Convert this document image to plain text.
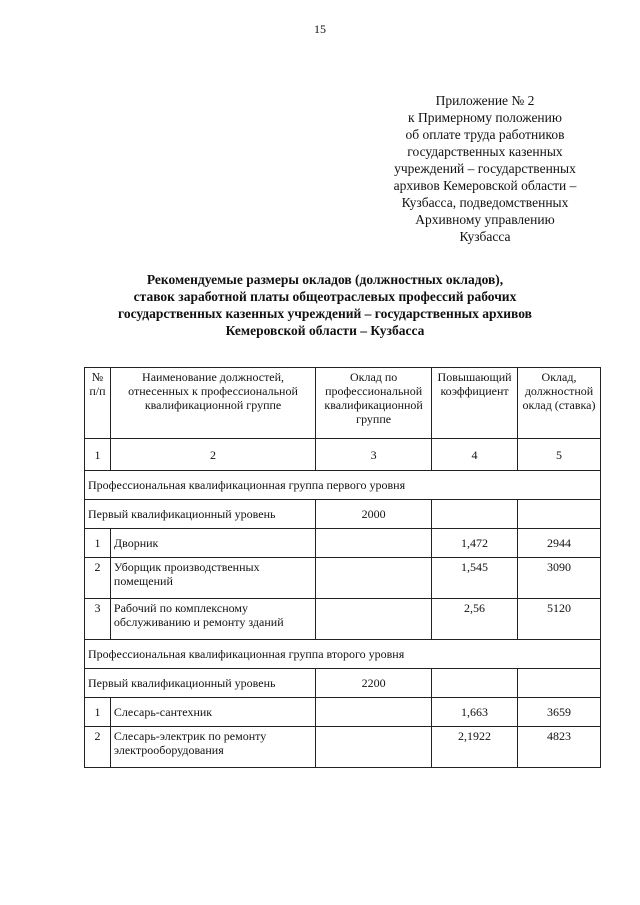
15
Приложение № 2
к Примерному положению
об оплате труда работников
государственных казенных
учреждений – государственных
архивов Кемеровской области –
Кузбасса, подведомственных
Архивному управлению
Кузбасса
Рекомендуемые размеры окладов (должностных окладов),
ставок заработной платы общеотраслевых профессий рабочих
государственных казенных учреждений – государственных архивов
Кемеровской области – Кузбасса
№ п/п	Наименование должностей, отнесенных к профессиональной квалификационной группе	Оклад по профессиональной квалификационной группе	Повышающий коэффициент	Оклад, должностной оклад (ставка)
1	2	3	4	5
Профессиональная квалификационная группа первого уровня				
Первый квалификационный уровень		2000		
1	Дворник		1,472	2944
2	Уборщик производственных помещений		1,545	3090
3	Рабочий по комплексному обслуживанию и ремонту зданий		2,56	5120
Профессиональная квалификационная группа второго уровня				
Первый квалификационный уровень		2200		
1	Слесарь-сантехник		1,663	3659
2	Слесарь-электрик по ремонту электрооборудования		2,1922	4823
